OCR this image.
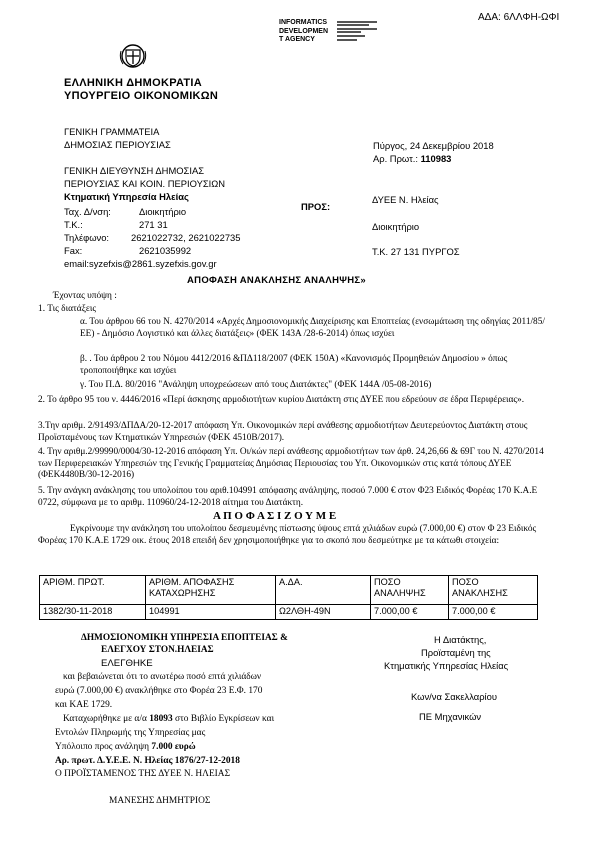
ΑΔΑ: 6ΛΛΦΗ-ΩΦΙ
ΕΛΛΗΝΙΚΗ ΔΗΜΟΚΡΑΤΙΑ
ΥΠΟΥΡΓΕΙΟ ΟΙΚΟΝΟΜΙΚΩΝ
INFORMATICS
DEVELOPMEN
T AGENCY
ΓΕΝΙΚΗ ΓΡΑΜΜΑΤΕΙΑ
ΔΗΜΟΣΙΑΣ ΠΕΡΙΟΥΣΙΑΣ
ΓΕΝΙΚΗ ΔΙΕΥΘΥΝΣΗ ΔΗΜΟΣΙΑΣ
ΠΕΡΙΟΥΣΙΑΣ ΚΑΙ ΚΟΙΝ. ΠΕΡΙΟΥΣΙΩΝ
Κτηματική Υπηρεσία Ηλείας
Ταχ. Δ/νση:	Διοικητήριο
Τ.Κ.:	271 31
Τηλέφωνο: 2621022732, 2621022735
Fax:	2621035992
email:syzefxis@2861.syzefxis.gov.gr
Πύργος, 24 Δεκεμβρίου 2018
Αρ. Πρωτ.: 110983
ΠΡΟΣ:
ΔΥΕΕ Ν. Ηλείας
Διοικητήριο
Τ.Κ. 27 131 ΠΥΡΓΟΣ
ΑΠΟΦΑΣΗ ΑΝΑΚΛΗΣΗΣ ΑΝΑΛΗΨΗΣ»
Έχοντας υπόψη :
1. Τις διατάξεις
α. Του άρθρου 66 του Ν. 4270/2014 «Αρχές Δημοσιονομικής Διαχείρισης και Εποπτείας (ενσωμάτωση της οδηγίας 2011/85/ΕΕ) - Δημόσιο Λογιστικό και άλλες διατάξεις» (ΦΕΚ 143Α /28-6-2014) όπως ισχύει
β. . Του άρθρου 2 του Νόμου 4412/2016 &ΠΔ118/2007 (ΦΕΚ 150Α) «Κανονισμός Προμηθειών Δημοσίου » όπως τροποποιήθηκε και ισχύει
γ. Του Π.Δ. 80/2016 "Ανάληψη υποχρεώσεων από τους Διατάκτες" (ΦΕΚ 144Α /05-08-2016)
2. Το άρθρο 95 του ν. 4446/2016 «Περί άσκησης αρμοδιοτήτων κυρίου Διατάκτη στις ΔΥΕΕ που εδρεύουν σε έδρα Περιφέρειας».
3.Την αριθμ. 2/91493/ΔΠΔΑ/20-12-2017 απόφαση Υπ. Οικονομικών περί ανάθεσης αρμοδιοτήτων Δευτερεύοντος Διατάκτη στους Προϊσταμένους των Κτηματικών Υπηρεσιών (ΦΕΚ 4510Β/2017).
4. Την αριθμ.2/99990/0004/30-12-2016 απόφαση Υπ. Οι/κών περί ανάθεσης αρμοδιοτήτων των άρθ. 24,26,66 & 69Γ του Ν. 4270/2014 των Περιφερειακών Υπηρεσιών της Γενικής Γραμματείας Δημόσιας Περιουσίας του Υπ. Οικονομικών στις κατά τόπους ΔΥΕΕ (ΦΕΚ4480Β/30-12-2016)
5. Την ανάγκη ανάκλησης του υπολοίπου του αριθ.104991 απόφασης ανάληψης, ποσού 7.000 € στον Φ23 Ειδικός Φορέας 170 Κ.Α.Ε 0722, σύμφωνα με το αριθμ. 110960/24-12-2018 αίτημα του Διατάκτη.
Α Π Ο Φ Α Σ Ι Ζ Ο Υ Μ Ε
Εγκρίνουμε την ανάκληση του υπολοίπου δεσμευμένης πίστωσης ύψους επτά χιλιάδων ευρώ (7.000,00 €) στον Φ 23 Ειδικός Φορέας 170 Κ.Α.Ε 1729 οικ. έτους 2018 επειδή δεν χρησιμοποιήθηκε για το σκοπό που δεσμεύτηκε με τα κάτωθι στοιχεία:
ΑΡΙΘΜ. ΠΡΩΤ.	ΑΡΙΘΜ. ΑΠΟΦΑΣΗΣ ΚΑΤΑΧΩΡΗΣΗΣ	Α.ΔΑ.	ΠΟΣΟ ΑΝΑΛΗΨΗΣ	ΠΟΣΟ ΑΝΑΚΛΗΣΗΣ
1382/30-11-2018	104991	Ω2ΛΘΗ-49Ν	7.000,00 €	7.000,00 €
ΔΗΜΟΣΙΟΝΟΜΙΚΗ ΥΠΗΡΕΣΙΑ ΕΠΟΠΤΕΙΑΣ &
ΕΛΕΓΧΟΥ ΣΤΟΝ.ΗΛΕΙΑΣ
ΕΛΕΓΘΗΚΕ
και βεβαιώνεται ότι το ανωτέρω ποσό επτά χιλιάδων
ευρώ (7.000,00 €) ανακλήθηκε στο Φορέα 23 Ε.Φ. 170
και ΚΑΕ 1729.
Καταχωρήθηκε με α/α 18093 στο Βιβλίο Εγκρίσεων και
Εντολών Πληρωμής της Υπηρεσίας μας
Υπόλοιπο προς ανάληψη 7.000 ευρώ
Αρ. πρωτ. Δ.Υ.Ε.Ε. Ν. Ηλείας 1876/27-12-2018
Ο ΠΡΟΪΣΤΑΜΕΝΟΣ ΤΗΣ ΔΥΕΕ Ν. ΗΛΕΙΑΣ
ΜΑΝΕΣΗΣ ΔΗΜΗΤΡΙΟΣ
Η Διατάκτης,
Προϊσταμένη της
Κτηματικής Υπηρεσίας Ηλείας
Κων/να Σακελλαρίου
ΠΕ Μηχανικών
